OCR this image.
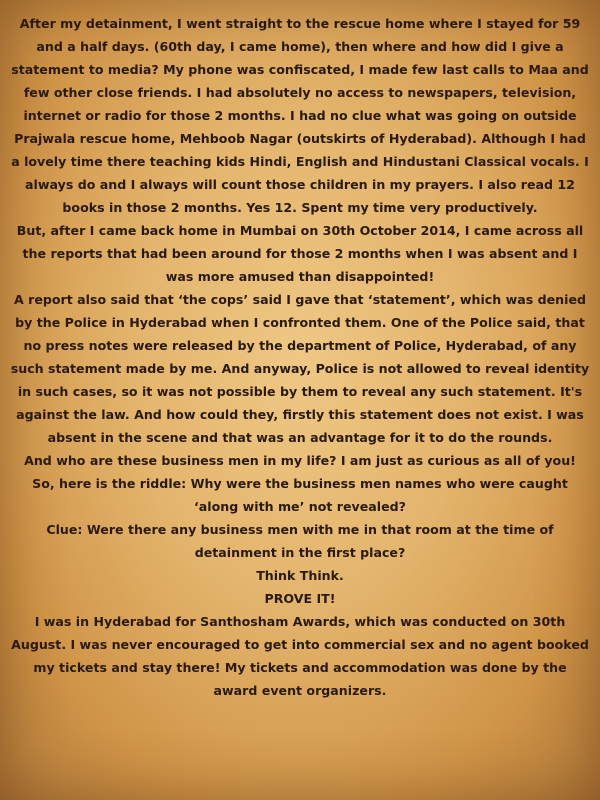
After my detainment, I went straight to the rescue home where I stayed for 59 and a half days. (60th day, I came home), then where and how did I give a statement to media? My phone was confiscated, I made few last calls to Maa and few other close friends. I had absolutely no access to newspapers, television, internet or radio for those 2 months. I had no clue what was going on outside Prajwala rescue home, Mehboob Nagar (outskirts of Hyderabad). Although I had a lovely time there teaching kids Hindi, English and Hindustani Classical vocals. I always do and I always will count those children in my prayers. I also read 12 books in those 2 months. Yes 12. Spent my time very productively.

But, after I came back home in Mumbai on 30th October 2014, I came across all the reports that had been around for those 2 months when I was absent and I was more amused than disappointed!

A report also said that ‘the cops’ said I gave that ‘statement’, which was denied by the Police in Hyderabad when I confronted them. One of the Police said, that no press notes were released by the department of Police, Hyderabad, of any such statement made by me. And anyway, Police is not allowed to reveal identity in such cases, so it was not possible by them to reveal any such statement. It's against the law. And how could they, firstly this statement does not exist. I was absent in the scene and that was an advantage for it to do the rounds.

And who are these business men in my life? I am just as curious as all of you!

So, here is the riddle: Why were the business men names who were caught ‘along with me’ not revealed?

Clue: Were there any business men with me in that room at the time of detainment in the first place?

Think Think.

PROVE IT!

I was in Hyderabad for Santhosham Awards, which was conducted on 30th August. I was never encouraged to get into commercial sex and no agent booked my tickets and stay there! My tickets and accommodation was done by the award event organizers.
